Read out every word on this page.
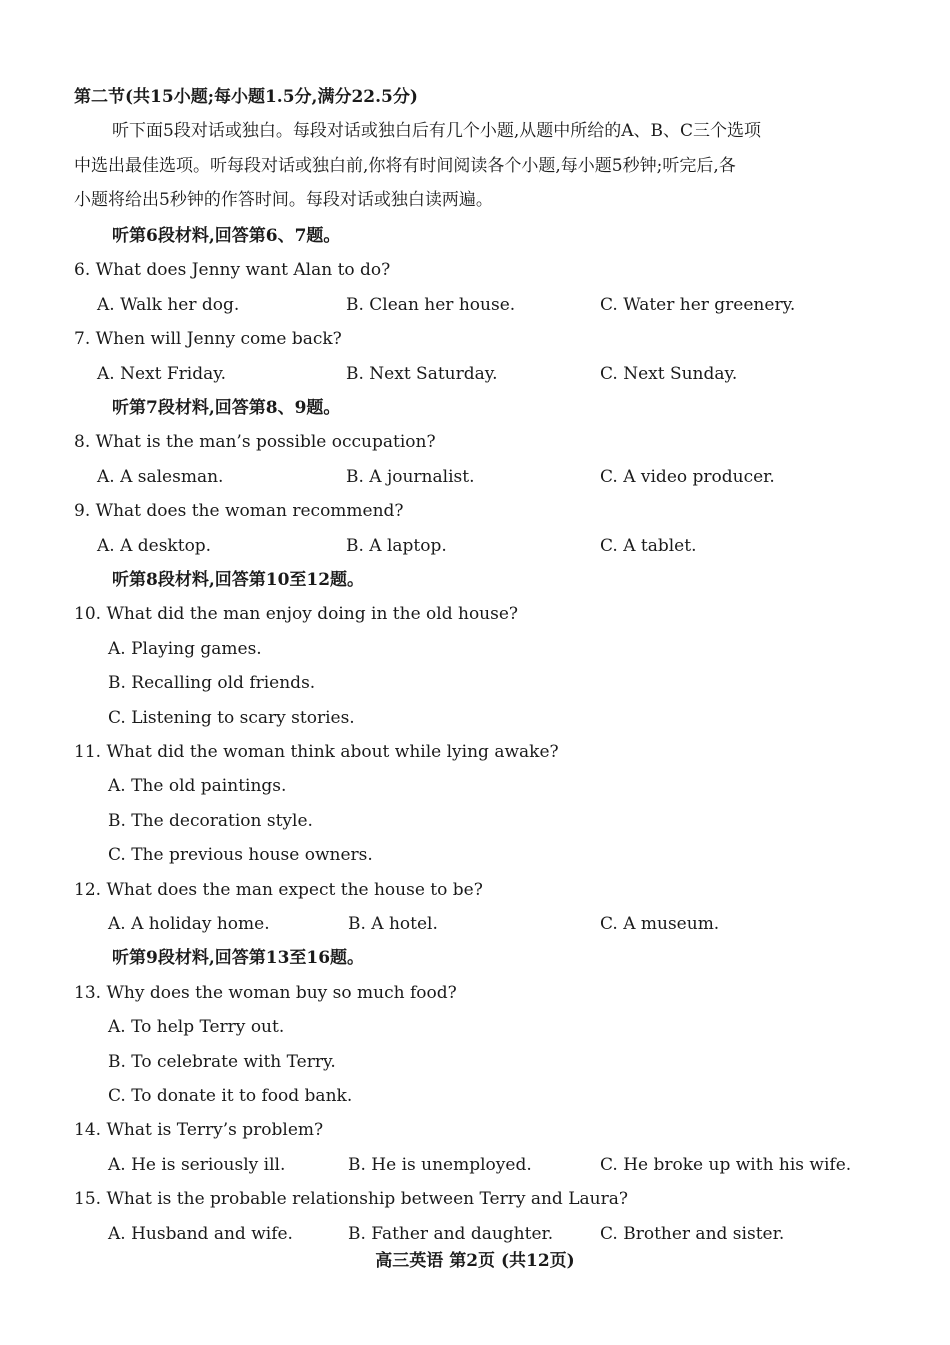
第二节(共15小题;每小题1.5分,满分22.5分)
听下面5段对话或独白。每段对话或独白后有几个小题,从题中所给的A、B、C三个选项
中选出最佳选项。听每段对话或独白前,你将有时间阅读各个小题,每小题5秒钟;听完后,各
小题将给出5秒钟的作答时间。每段对话或独白读两遍。
高三英语 第2页 (共12页)
听第6段材料,回答第6、7题。
6. What does Jenny want Alan to do?
A. Walk her dog.	B. Clean her house.	C. Water her greenery.
7. When will Jenny come back?
A. Next Friday.	B. Next Saturday.	C. Next Sunday.
听第7段材料,回答第8、9题。
8. What is the man’s possible occupation?
A. A salesman.	B. A journalist.	C. A video producer.
9. What does the woman recommend?
A. A desktop.	B. A laptop.	C. A tablet.
听第8段材料,回答第10至12题。
10. What did the man enjoy doing in the old house?
A. Playing games.
B. Recalling old friends.
C. Listening to scary stories.
11. What did the woman think about while lying awake?
A. The old paintings.
B. The decoration style.
C. The previous house owners.
12. What does the man expect the house to be?
A. A holiday home.	B. A hotel.	C. A museum.
听第9段材料,回答第13至16题。
13. Why does the woman buy so much food?
A. To help Terry out.
B. To celebrate with Terry.
C. To donate it to food bank.
14. What is Terry’s problem?
A. He is seriously ill.	B. He is unemployed.	C. He broke up with his wife.
15. What is the probable relationship between Terry and Laura?
A. Husband and wife.	B. Father and daughter.	C. Brother and sister.
